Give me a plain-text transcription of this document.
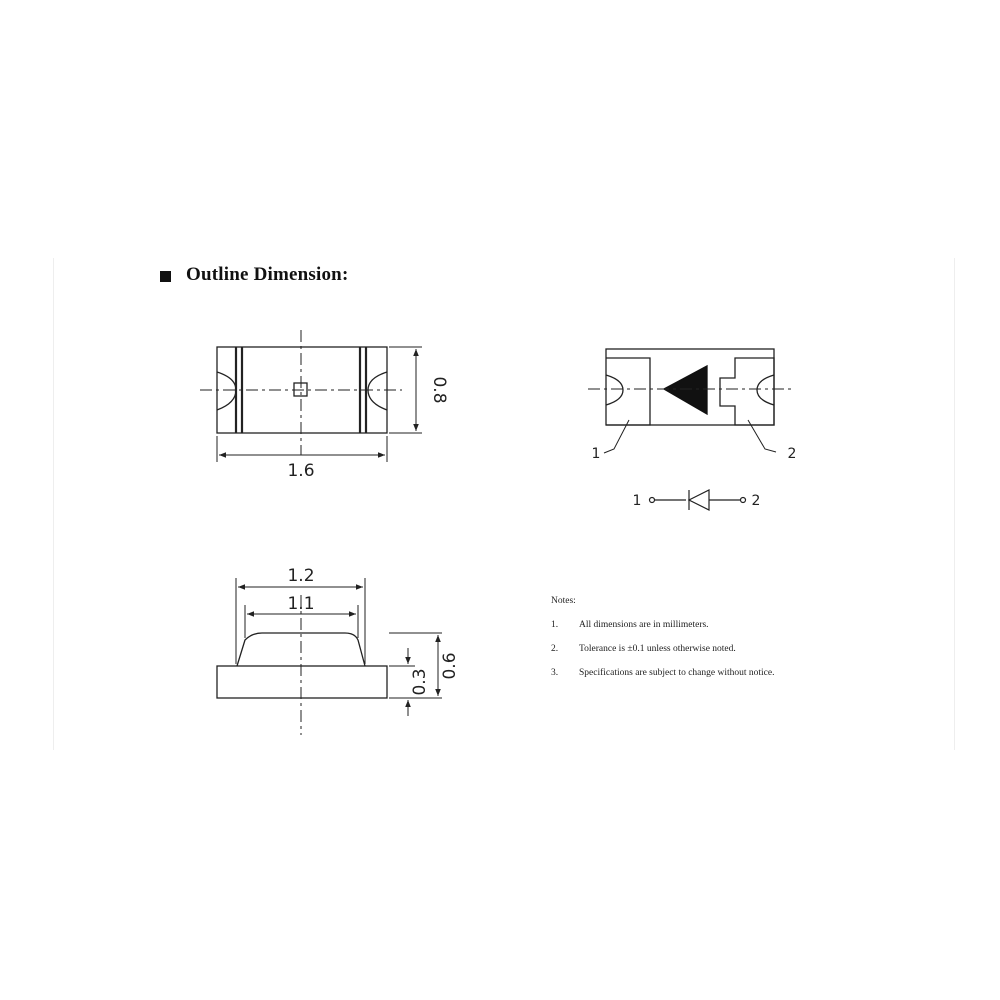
Outline Dimension:
1.6
0.8
1	2
1	2
1.2
1.1
0.3
0.6
Notes:
1.	All dimensions are in millimeters.
2.	Tolerance is ±0.1 unless otherwise noted.
3.	Specifications are subject to change without notice.
